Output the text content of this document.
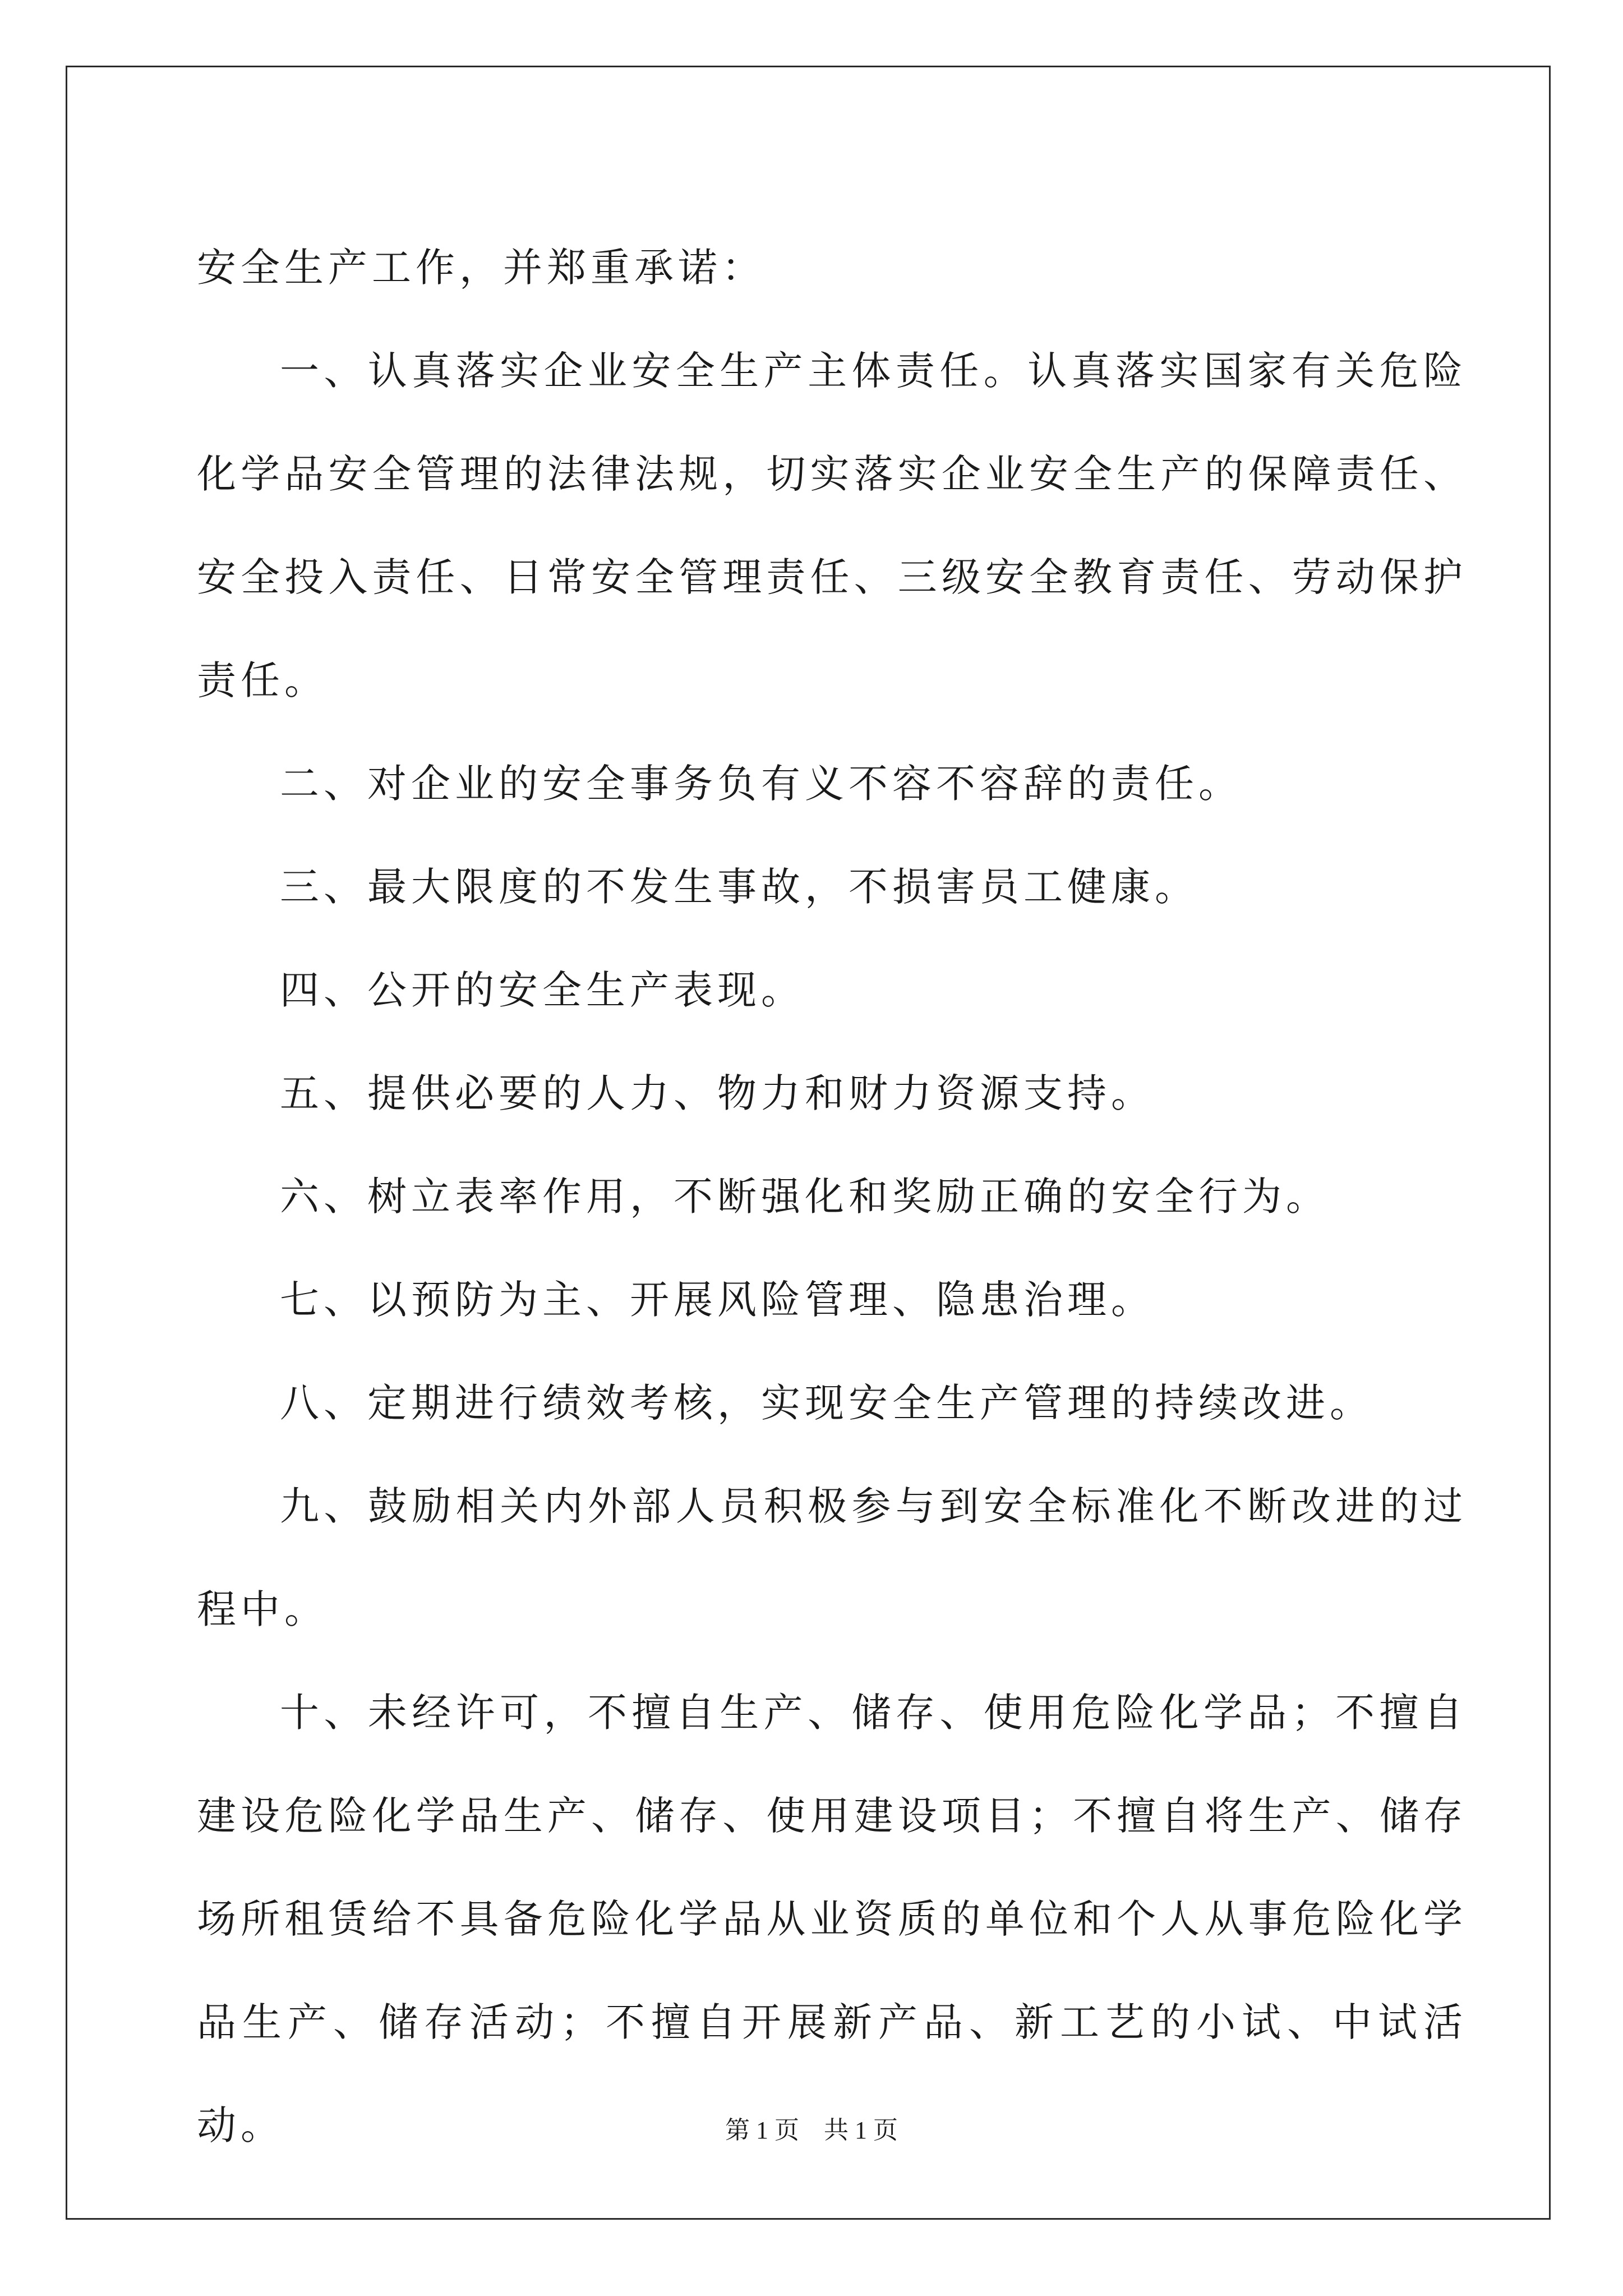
安全生产工作，并郑重承诺：

一、认真落实企业安全生产主体责任。认真落实国家有关危险化学品安全管理的法律法规，切实落实企业安全生产的保障责任、安全投入责任、日常安全管理责任、三级安全教育责任、劳动保护责任。

二、对企业的安全事务负有义不容不容辞的责任。

三、最大限度的不发生事故，不损害员工健康。

四、公开的安全生产表现。

五、提供必要的人力、物力和财力资源支持。

六、树立表率作用，不断强化和奖励正确的安全行为。

七、以预防为主、开展风险管理、隐患治理。

八、定期进行绩效考核，实现安全生产管理的持续改进。

九、鼓励相关内外部人员积极参与到安全标准化不断改进的过程中。

十、未经许可，不擅自生产、储存、使用危险化学品；不擅自建设危险化学品生产、储存、使用建设项目；不擅自将生产、储存场所租赁给不具备危险化学品从业资质的单位和个人从事危险化学品生产、储存活动；不擅自开展新产品、新工艺的小试、中试活动。	第 1 页　共 1 页
